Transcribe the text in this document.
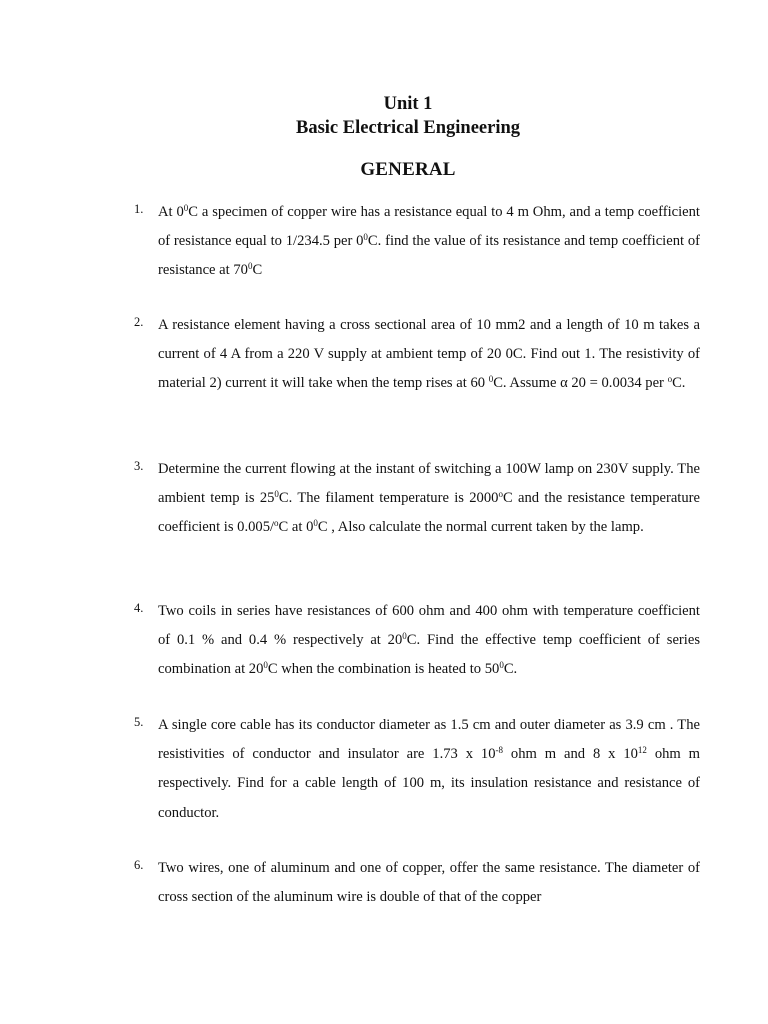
Unit 1
Basic Electrical Engineering
GENERAL
1.	At $0^0C$ a specimen of copper wire has a resistance equal to 4 m Ohm, and a temp coefficient of resistance equal to 1/234.5 per $0^0C$. find the value of its resistance and temp coefficient of resistance at $70^0C$
2.	A resistance element having a cross sectional area of 10 mm2 and a length of 10 m takes a current of 4 A from a 220 V supply at ambient temp of 20 0C. Find out 1. The resistivity of material 2) current it will take when the temp rises at 60 $^0$C. Assume α 20 = 0.0034 per $^o$C.
3.	Determine the current flowing at the instant of switching a 100W lamp on 230V supply. The ambient temp is $25^0C$. The filament temperature is 2000$^o$C and the resistance temperature coefficient is 0.005/$^o$C at $0^0C$ , Also calculate the normal current taken by the lamp.
4.	Two coils in series have resistances of 600 ohm and 400 ohm with temperature coefficient of 0.1 % and 0.4 % respectively at $20^0C$. Find the effective temp coefficient of series combination at $20^0C$ when the combination is heated to $50^0C$.
5.	A single core cable has its conductor diameter as 1.5 cm and outer diameter as 3.9 cm . The resistivities of conductor and insulator are 1.73 x $10^{-8}$ ohm m and 8 x $10^{12}$ ohm m respectively. Find for a cable length of 100 m, its insulation resistance and resistance of conductor.
6.	Two wires, one of aluminum and one of copper, offer the same resistance. The diameter of cross section of the aluminum wire is double of that of the copper
